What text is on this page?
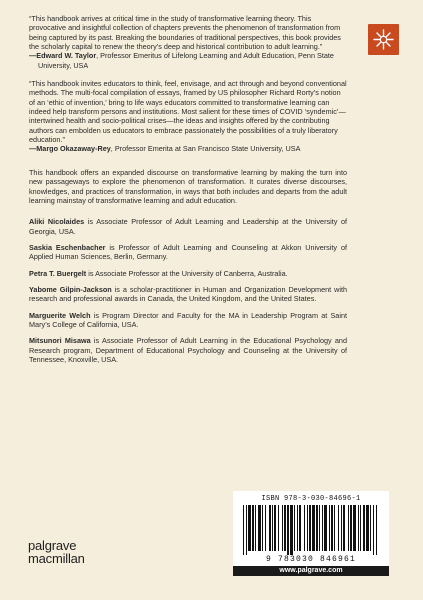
“This handbook arrives at critical time in the study of transformative learning theory. This provocative and insightful collection of chapters prevents the phenomenon of transformation from being captured by its past. Breaking the boundaries of traditional perspectives, this book provides the scholarly capital to renew the theory’s deep and historical contribution to adult learning.”

—Edward W. Taylor, Professor Emeritus of Lifelong Learning and Adult Education, Penn State University, USA

“This handbook invites educators to think, feel, envisage, and act through and beyond conventional methods. The multi-focal compilation of essays, framed by US philosopher Richard Rorty’s notion of an ‘ethic of invention,’ bring to life ways educators committed to transformative learning can indeed help transform persons and institutions. Most salient for these times of COVID ‘syndemic’—intertwined health and socio-political crises—the ideas and insights offered by the contributing authors can embolden us educators to embrace passionately the possibilities of a truly liberatory education.”

—Margo Okazaway-Rey, Professor Emerita at San Francisco State University, USA

This handbook offers an expanded discourse on transformative learning by making the turn into new passageways to explore the phenomenon of transformation. It curates diverse discourses, knowledges, and practices of transformation, in ways that both includes and departs from the adult learning mainstay of transformative learning and adult education.

Aliki Nicolaides is Associate Professor of Adult Learning and Leadership at the University of Georgia, USA.

Saskia Eschenbacher is Professor of Adult Learning and Counseling at Akkon University of Applied Human Sciences, Berlin, Germany.

Petra T. Buergelt is Associate Professor at the University of Canberra, Australia.

Yabome Gilpin-Jackson is a scholar-practitioner in Human and Organization Development with research and professional awards in Canada, the United Kingdom, and the United States.

Marguerite Welch is Program Director and Faculty for the MA in Leadership Program at Saint Mary’s College of California, USA.

Mitsunori Misawa is Associate Professor of Adult Learning in the Educational Psychology and Research program, Department of Educational Psychology and Counseling at the University of Tennessee, Knoxville, USA.

palgrave
macmillan
ISBN 978-3-030-84696-1
9 783030 846961
www.palgrave.com
